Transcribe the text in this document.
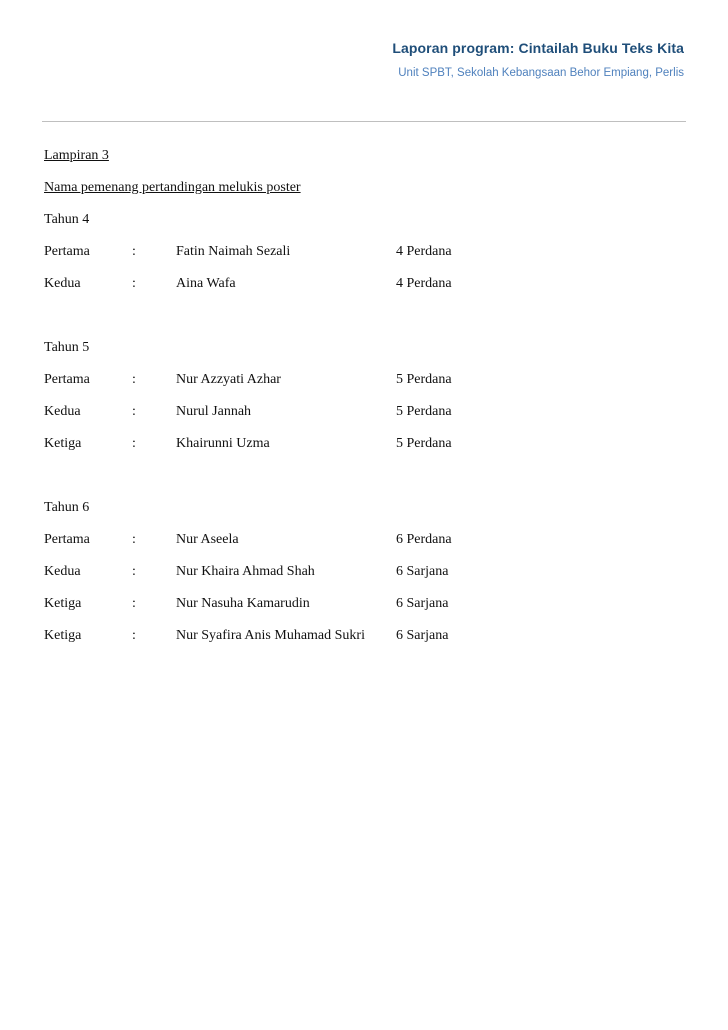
Laporan program: Cintailah Buku Teks Kita
Unit SPBT, Sekolah Kebangsaan Behor Empiang, Perlis
Lampiran 3
Nama pemenang pertandingan melukis poster
Tahun 4
Pertama	:	Fatin Naimah Sezali	4 Perdana
Kedua	:	Aina Wafa	4 Perdana
Tahun 5
Pertama	:	Nur Azzyati Azhar	5 Perdana
Kedua	:	Nurul Jannah	5 Perdana
Ketiga	:	Khairunni Uzma	5 Perdana
Tahun 6
Pertama	:	Nur Aseela	6 Perdana
Kedua	:	Nur Khaira Ahmad Shah	6 Sarjana
Ketiga	:	Nur Nasuha Kamarudin	6 Sarjana
Ketiga	:	Nur Syafira Anis Muhamad Sukri 6 Sarjana
